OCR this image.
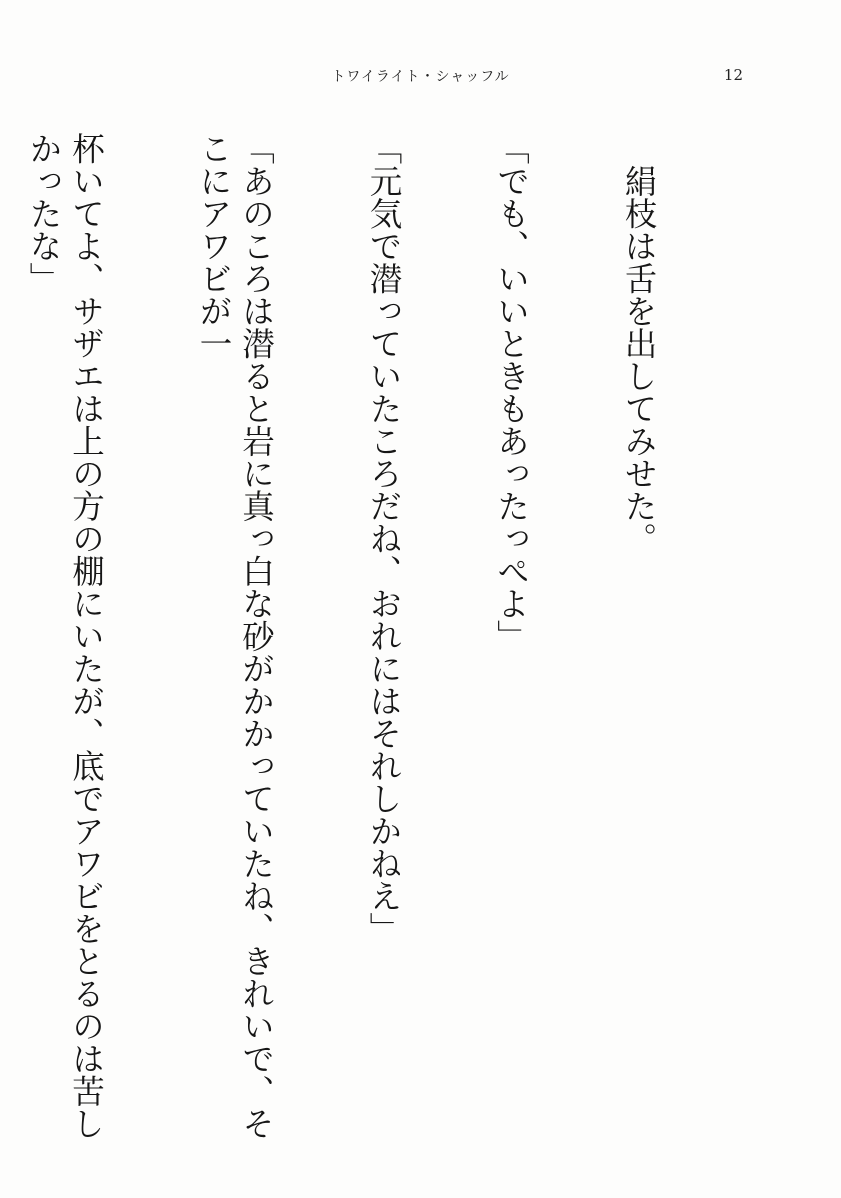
トワイライト・シャッフル	12

　絹枝は舌を出してみせた。

「でも、いいときもあったっぺよ」

「元気で潜っていたころだね、おれにはそれしかねえ」

「あのころは潜ると岩に真っ白な砂がかかっていたね、きれいで、そこにアワビが一

杯いてよ、サザエは上の方の棚にいたが、底でアワビをとるのは苦しかったな」
